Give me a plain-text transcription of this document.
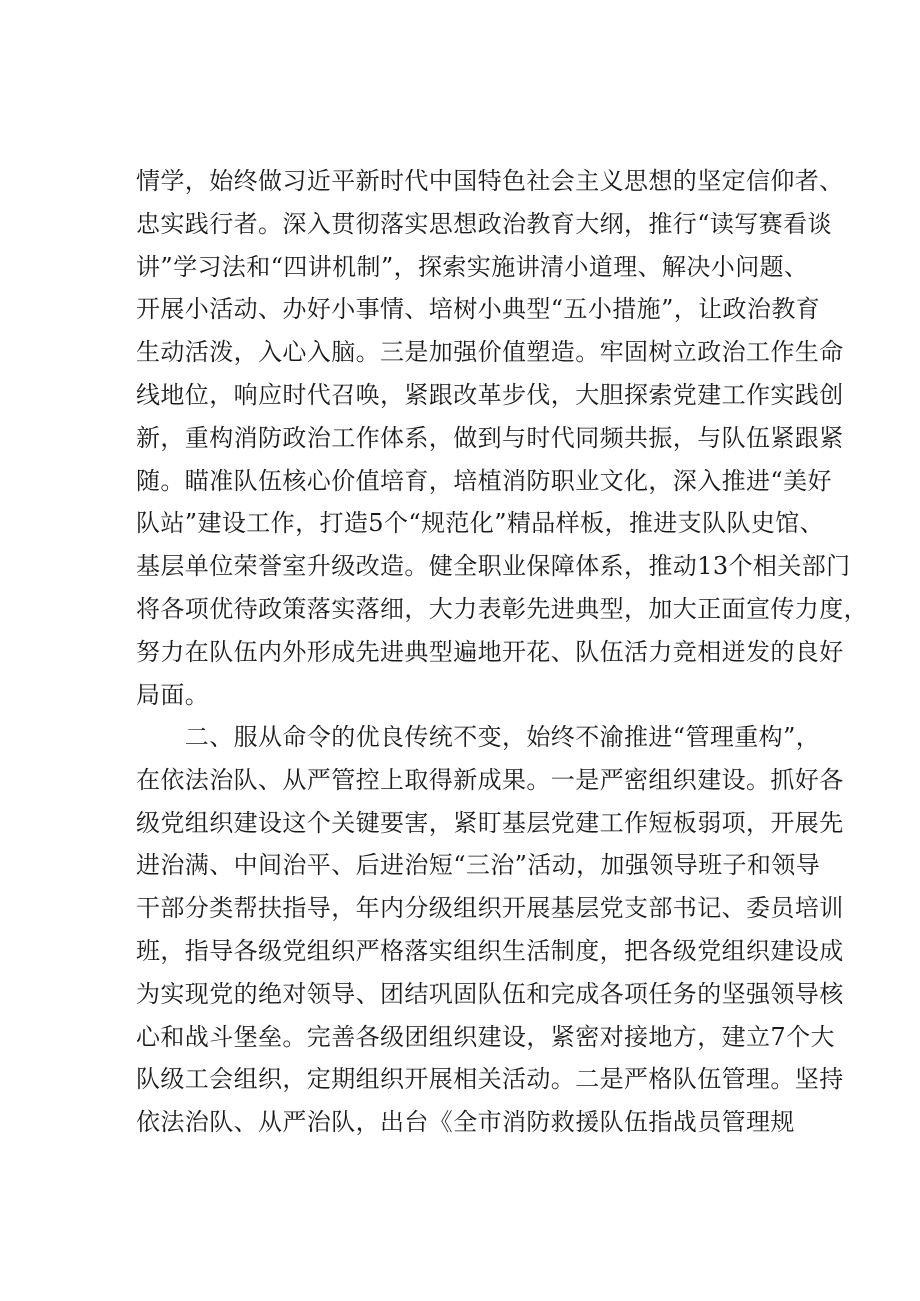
情学，始终做习近平新时代中国特色社会主义思想的坚定信仰者、
忠实践行者。深入贯彻落实思想政治教育大纲，推行“读写赛看谈
讲”学习法和“四讲机制”，探索实施讲清小道理、解决小问题、
开展小活动、办好小事情、培树小典型“五小措施”，让政治教育
生动活泼，入心入脑。三是加强价值塑造。牢固树立政治工作生命
线地位，响应时代召唤，紧跟改革步伐，大胆探索党建工作实践创
新，重构消防政治工作体系，做到与时代同频共振，与队伍紧跟紧
随。瞄准队伍核心价值培育，培植消防职业文化，深入推进“美好
队站”建设工作，打造5个“规范化”精品样板，推进支队队史馆、
基层单位荣誉室升级改造。健全职业保障体系，推动13个相关部门
将各项优待政策落实落细，大力表彰先进典型，加大正面宣传力度，
努力在队伍内外形成先进典型遍地开花、队伍活力竞相迸发的良好
局面。
　　二、服从命令的优良传统不变，始终不渝推进“管理重构”，
在依法治队、从严管控上取得新成果。一是严密组织建设。抓好各
级党组织建设这个关键要害，紧盯基层党建工作短板弱项，开展先
进治满、中间治平、后进治短“三治”活动，加强领导班子和领导
干部分类帮扶指导，年内分级组织开展基层党支部书记、委员培训
班，指导各级党组织严格落实组织生活制度，把各级党组织建设成
为实现党的绝对领导、团结巩固队伍和完成各项任务的坚强领导核
心和战斗堡垒。完善各级团组织建设，紧密对接地方，建立7个大
队级工会组织，定期组织开展相关活动。二是严格队伍管理。坚持
依法治队、从严治队，出台《全市消防救援队伍指战员管理规
